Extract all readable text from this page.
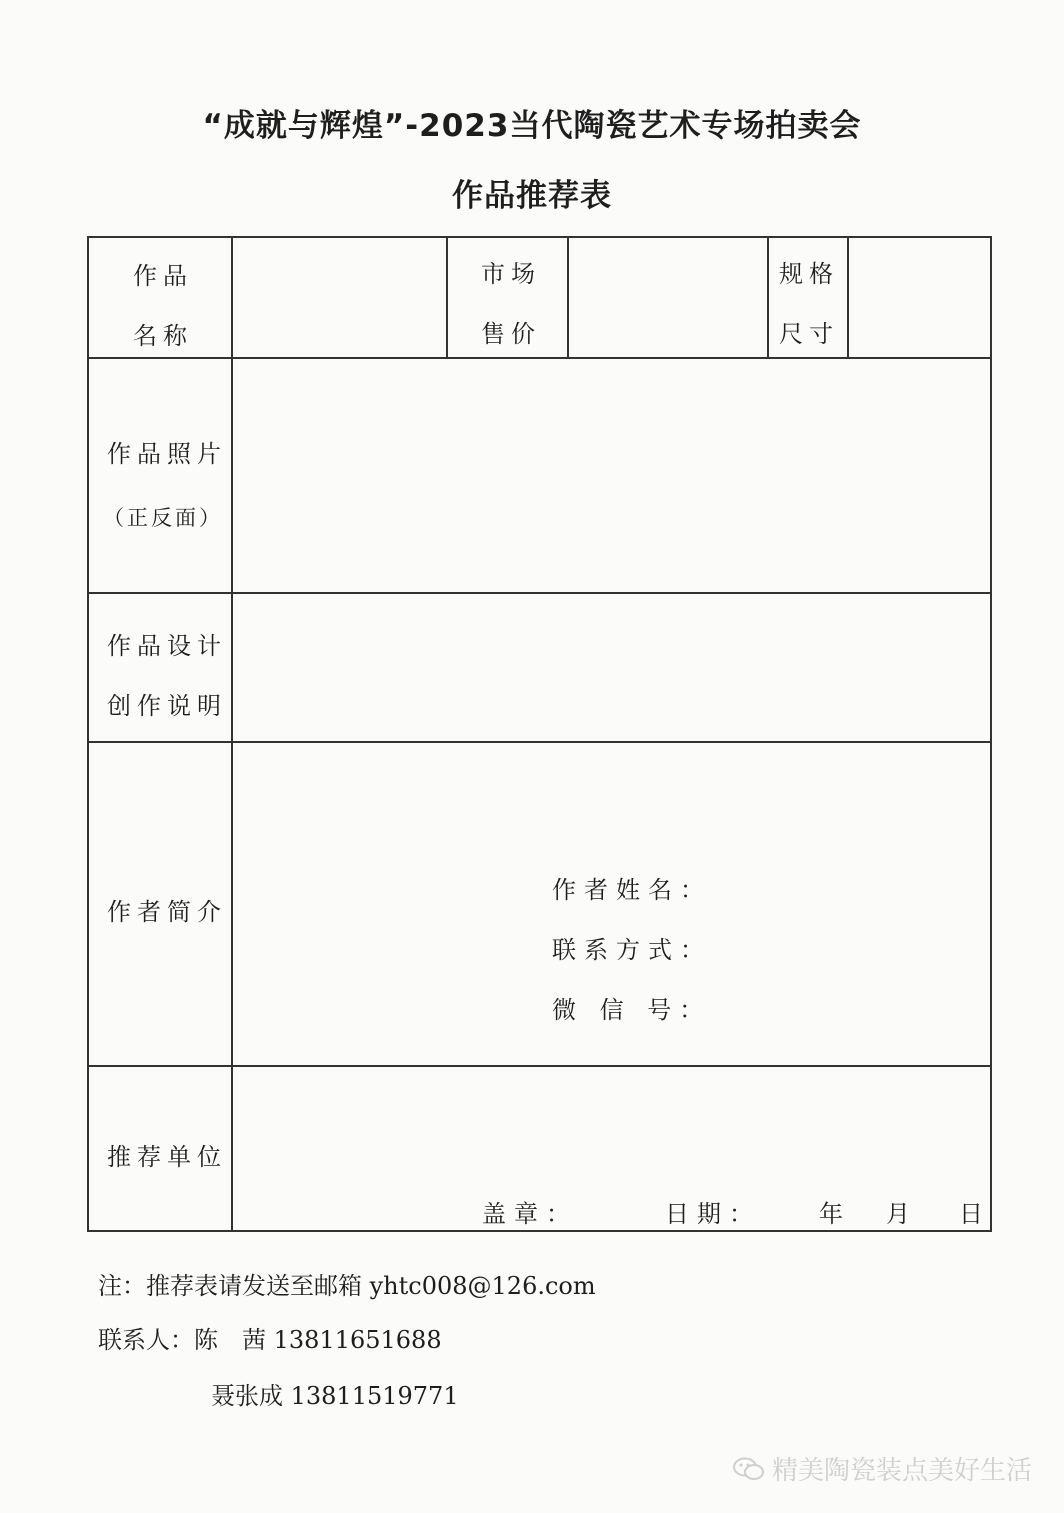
“成就与辉煌”-2023当代陶瓷艺术专场拍卖会
作品推荐表
作品
名称
市场
售价
规格
尺寸
作品照片
（正反面）
作品设计
创作说明
作者简介
作者姓名：
联系方式：
微 信 号：
推荐单位
盖章：	日期： 年 月 日
注：推荐表请发送至邮箱 yhtc008@126.com
联系人：陈　茜 13811651688
聂张成 13811519771
精美陶瓷装点美好生活
